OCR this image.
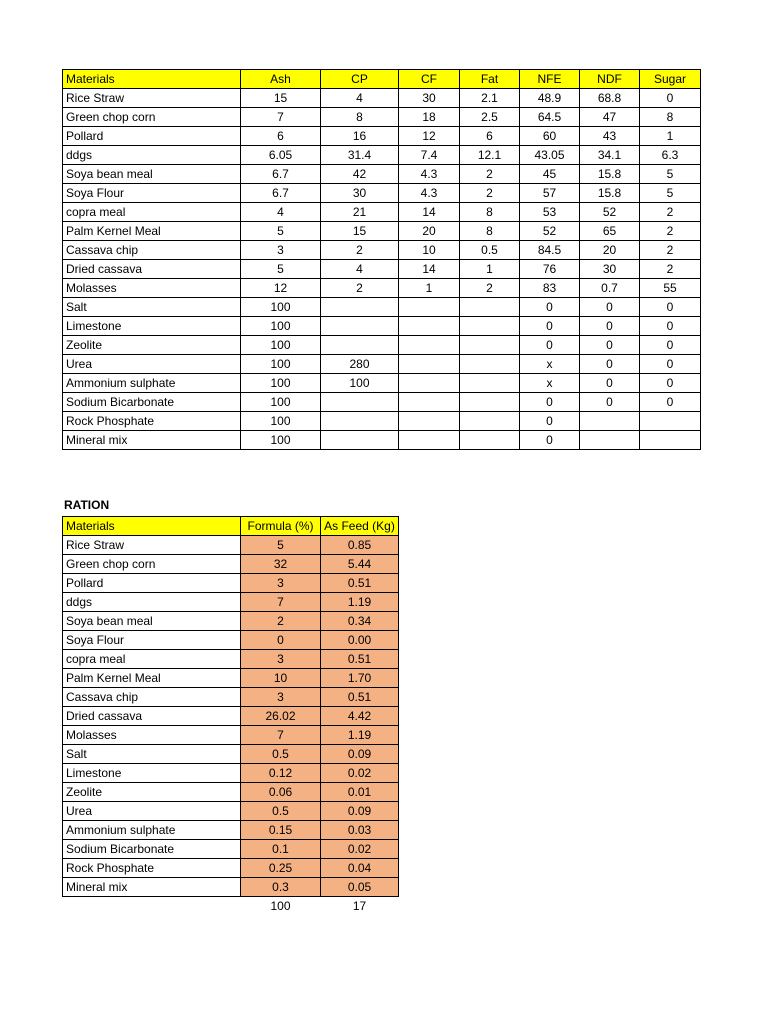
Materials	Ash	CP	CF	Fat	NFE	NDF	Sugar
Rice Straw	15	4	30	2.1	48.9	68.8	0
Green chop corn	7	8	18	2.5	64.5	47	8
Pollard	6	16	12	6	60	43	1
ddgs	6.05	31.4	7.4	12.1	43.05	34.1	6.3
Soya bean meal	6.7	42	4.3	2	45	15.8	5
Soya Flour	6.7	30	4.3	2	57	15.8	5
copra meal	4	21	14	8	53	52	2
Palm Kernel Meal	5	15	20	8	52	65	2
Cassava chip	3	2	10	0.5	84.5	20	2
Dried cassava	5	4	14	1	76	30	2
Molasses	12	2	1	2	83	0.7	55
Salt	100				0	0	0
Limestone	100				0	0	0
Zeolite	100				0	0	0
Urea	100	280			x	0	0
Ammonium sulphate	100	100			x	0	0
Sodium Bicarbonate	100				0	0	0
Rock Phosphate	100				0		
Mineral mix	100				0		
RATION
Materials	Formula (%)	As Feed (Kg)
Rice Straw	5	0.85
Green chop corn	32	5.44
Pollard	3	0.51
ddgs	7	1.19
Soya bean meal	2	0.34
Soya Flour	0	0.00
copra meal	3	0.51
Palm Kernel Meal	10	1.70
Cassava chip	3	0.51
Dried cassava	26.02	4.42
Molasses	7	1.19
Salt	0.5	0.09
Limestone	0.12	0.02
Zeolite	0.06	0.01
Urea	0.5	0.09
Ammonium sulphate	0.15	0.03
Sodium Bicarbonate	0.1	0.02
Rock Phosphate	0.25	0.04
Mineral mix	0.3	0.05
	100	17
